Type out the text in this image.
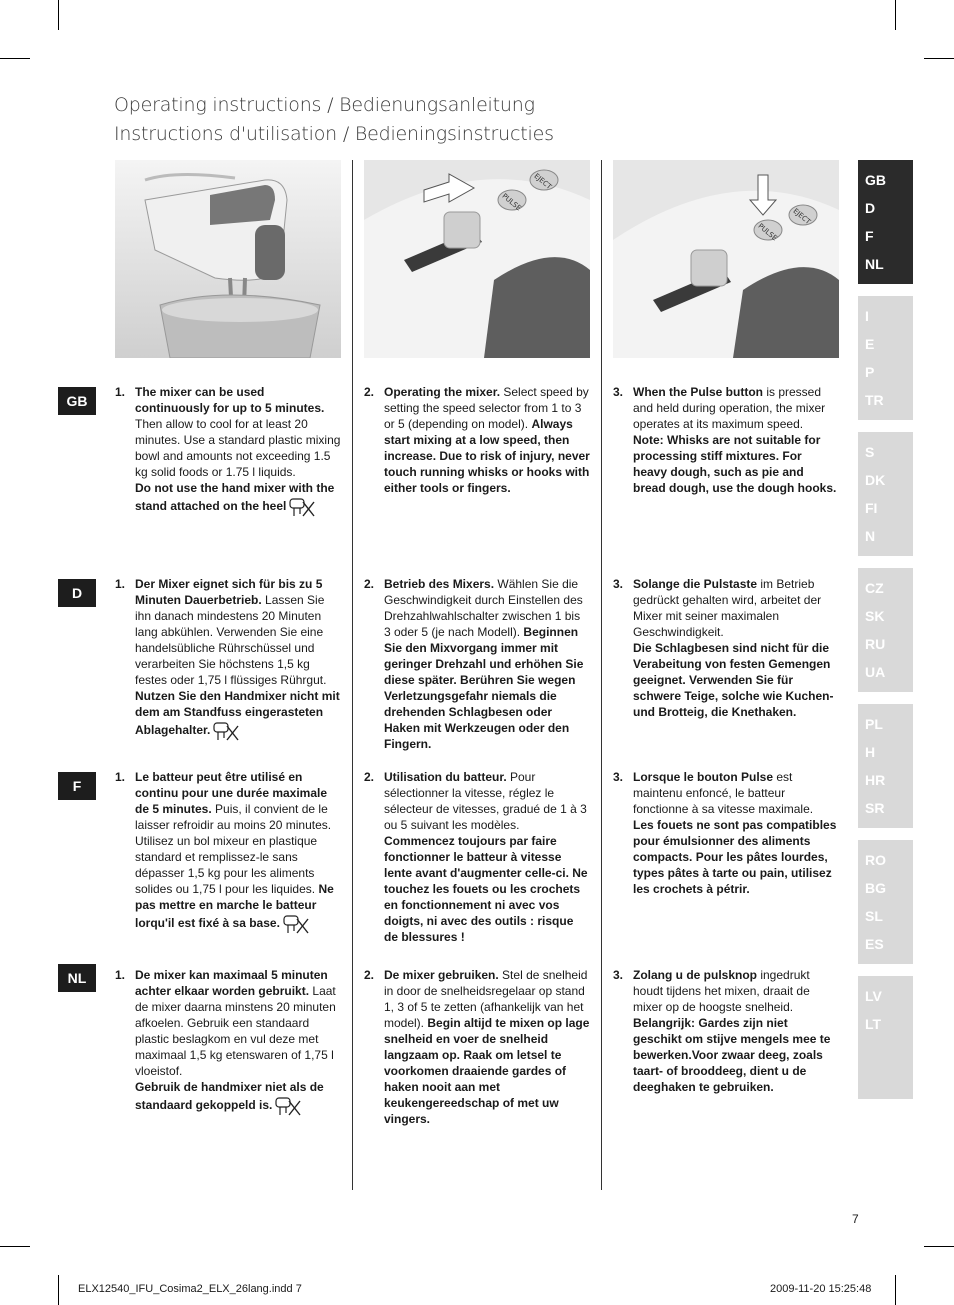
Operating instructions / Bedienungsanleitung
Instructions d'utilisation / Bedieningsinstructies
PULSE
EJECT
PULSE
EJECT
GB
D
F
NL
1. The mixer can be used continuously for up to 5 minutes. Then allow to cool for at least 20 minutes. Use a standard plastic mixing bowl and amounts not exceeding 1.5 kg solid foods or 1.75 l liquids.
Do not use the hand mixer with the stand attached on the heel
2. Operating the mixer. Select speed by setting the speed selector from 1 to 3 or 5 (depending on model). Always start mixing at a low speed, then increase. Due to risk of injury, never touch running whisks or hooks with either tools or fingers.
3. When the Pulse button is pressed and held during operation, the mixer operates at its maximum speed.
Note: Whisks are not suitable for processing stiff mixtures. For heavy dough, such as pie and bread dough, use the dough hooks.
1. Der Mixer eignet sich für bis zu 5 Minuten Dauerbetrieb. Lassen Sie ihn danach mindestens 20 Minuten lang abkühlen. Verwenden Sie eine handelsübliche Rührschüssel und verarbeiten Sie höchstens 1,5 kg festes oder 1,75 l flüssiges Rührgut.
Nutzen Sie den Handmixer nicht mit dem am Standfuss eingerasteten Ablagehalter.
2. Betrieb des Mixers. Wählen Sie die Geschwindigkeit durch Einstellen des Drehzahlwahlschalter zwischen 1 bis 3 oder 5 (je nach Modell). Beginnen Sie den Mixvorgang immer mit geringer Drehzahl und erhöhen Sie diese später. Berühren Sie wegen Verletzungsgefahr niemals die drehenden Schlagbesen oder Haken mit Werkzeugen oder den Fingern.
3. Solange die Pulstaste im Betrieb gedrückt gehalten wird, arbeitet der Mixer mit seiner maximalen Geschwindigkeit.
Die Schlagbesen sind nicht für die Verabeitung von festen Gemengen geeignet. Verwenden Sie für schwere Teige, solche wie Kuchen- und Brotteig, die Knethaken.
1. Le batteur peut être utilisé en continu pour une durée maximale de 5 minutes. Puis, il convient de le laisser refroidir au moins 20 minutes. Utilisez un bol mixeur en plastique standard et remplissez-le sans dépasser 1,5 kg pour les aliments solides ou 1,75 l pour les liquides. Ne pas mettre en marche le batteur lorqu'il est fixé à sa base.
2. Utilisation du batteur. Pour sélectionner la vitesse, réglez le sélecteur de vitesses, gradué de 1 à 3 ou 5 suivant les modèles. Commencez toujours par faire fonctionner le batteur à vitesse lente avant d'augmenter celle-ci. Ne touchez les fouets ou les crochets en fonctionnement ni avec vos doigts, ni avec des outils : risque de blessures !
3. Lorsque le bouton Pulse est maintenu enfoncé, le batteur fonctionne à sa vitesse maximale.
Les fouets ne sont pas compatibles pour émulsionner des aliments compacts. Pour les pâtes lourdes, types pâtes à tarte ou pain, utilisez les crochets à pétrir.
1. De mixer kan maximaal 5 minuten achter elkaar worden gebruikt. Laat de mixer daarna minstens 20 minuten afkoelen. Gebruik een standaard plastic beslagkom en vul deze met maximaal 1,5 kg etenswaren of 1,75 l vloeistof.
Gebruik de handmixer niet als de standaard gekoppeld is.
2. De mixer gebruiken. Stel de snelheid in door de snelheidsregelaar op stand 1, 3 of 5 te zetten (afhankelijk van het model). Begin altijd te mixen op lage snelheid en voer de snelheid langzaam op. Raak om letsel te voorkomen draaiende gardes of haken nooit aan met keukengereedschap of met uw vingers.
3. Zolang u de pulsknop ingedrukt houdt tijdens het mixen, draait de mixer op de hoogste snelheid.
Belangrijk: Gardes zijn niet geschikt om stijve mengels mee te bewerken.Voor zwaar deeg, zoals taart- of brooddeeg, dient u de deeghaken te gebruiken.
GB
D
F
NL
I
E
P
TR
S
DK
FI
N
CZ
SK
RU
UA
PL
H
HR
SR
RO
BG
SL
ES
LV
LT
7
ELX12540_IFU_Cosima2_ELX_26lang.indd 7	2009-11-20 15:25:48
